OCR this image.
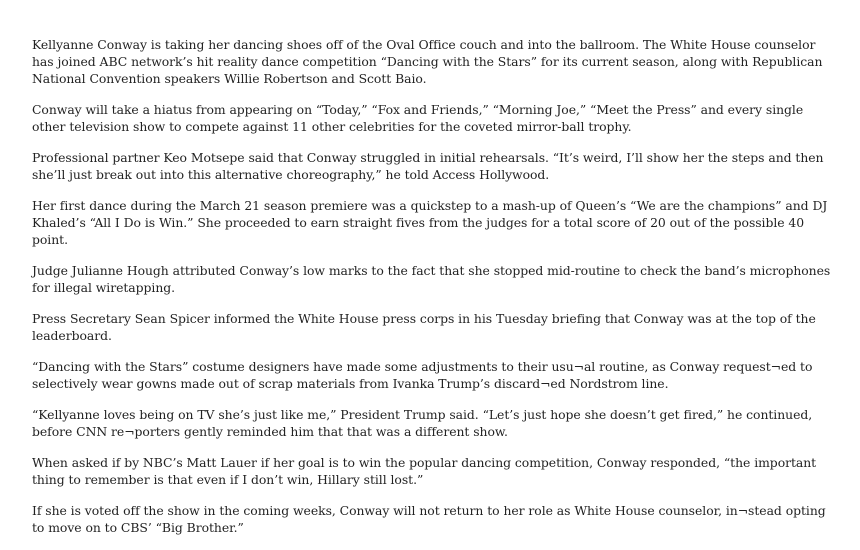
Kellyanne Conway is taking her dancing shoes off of the Oval Office couch and into the ballroom. The White House counselor has joined ABC network’s hit reality dance competition “Dancing with the Stars” for its current season, along with Republican National Convention speakers Willie Robertson and Scott Baio.

Conway will take a hiatus from appearing on “Today,” “Fox and Friends,” “Morning Joe,” “Meet the Press” and every single other television show to compete against 11 other celebrities for the coveted mirror-ball trophy.

Professional partner Keo Motsepe said that Conway struggled in initial rehearsals. “It’s weird, I’ll show her the steps and then she’ll just break out into this alternative choreography,” he told Access Hollywood.

Her first dance during the March 21 season premiere was a quickstep to a mash-up of Queen’s “We are the champions” and DJ Khaled’s “All I Do is Win.” She proceeded to earn straight fives from the judges for a total score of 20 out of the possible 40 point.

Judge Julianne Hough attributed Conway’s low marks to the fact that she stopped mid-routine to check the band’s microphones for illegal wiretapping.

Press Secretary Sean Spicer informed the White House press corps in his Tuesday briefing that Conway was at the top of the leaderboard.

“Dancing with the Stars” costume designers have made some adjustments to their usu¬al routine, as Conway request¬ed to selectively wear gowns made out of scrap materials from Ivanka Trump’s discard¬ed Nordstrom line.

“Kellyanne loves being on TV she’s just like me,” President Trump said. “Let’s just hope she doesn’t get fired,” he continued, before CNN re¬porters gently reminded him that that was a different show.

When asked if by NBC’s Matt Lauer if her goal is to win the popular dancing competition, Conway responded, “the important thing to remember is that even if I don’t win, Hillary still lost.”

If she is voted off the show in the coming weeks, Conway will not return to her role as White House counselor, in¬stead opting to move on to CBS’ “Big Brother.”
